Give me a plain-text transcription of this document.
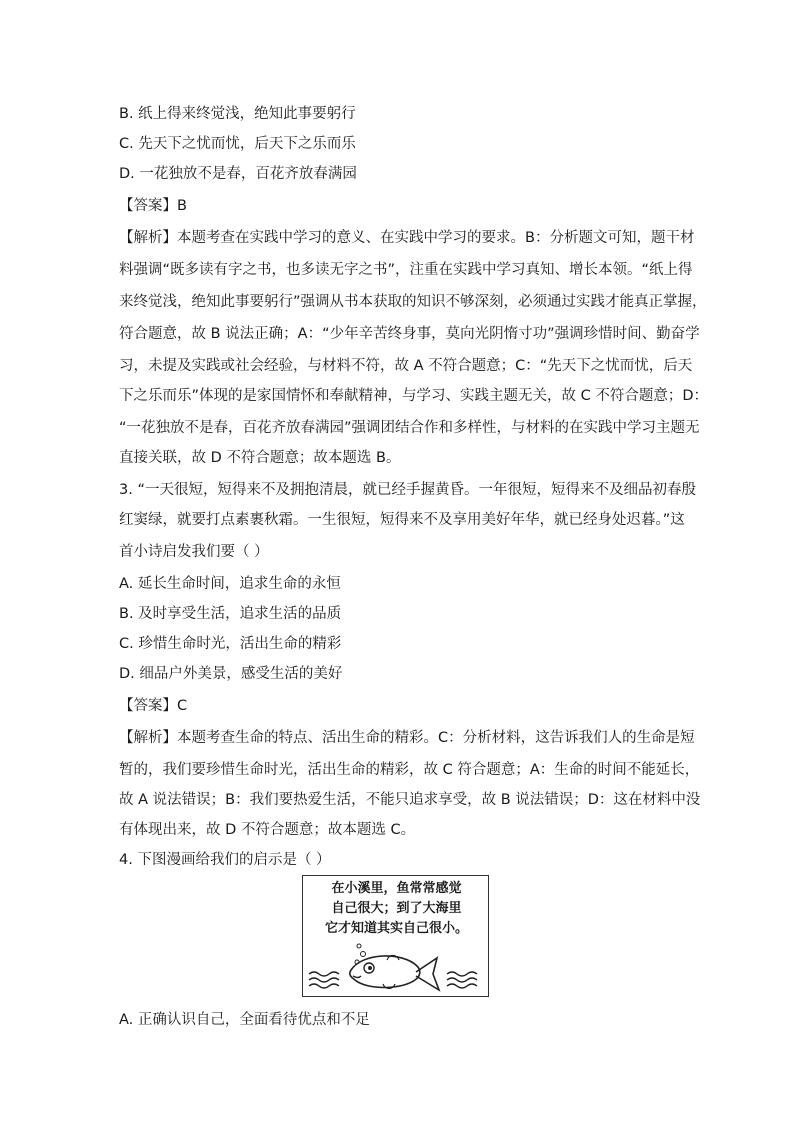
B. 纸上得来终觉浅，绝知此事要躬行
C. 先天下之忧而忧，后天下之乐而乐
D. 一花独放不是春，百花齐放春满园
【答案】B
【解析】本题考查在实践中学习的意义、在实践中学习的要求。B：分析题文可知，题干材
料强调“既多读有字之书，也多读无字之书”，注重在实践中学习真知、增长本领。“纸上得
来终觉浅，绝知此事要躬行”强调从书本获取的知识不够深刻，必须通过实践才能真正掌握，
符合题意，故 B 说法正确；A：“少年辛苦终身事，莫向光阴惰寸功”强调珍惜时间、勤奋学
习，未提及实践或社会经验，与材料不符，故 A 不符合题意；C：“先天下之忧而忧，后天
下之乐而乐”体现的是家国情怀和奉献精神，与学习、实践主题无关，故 C 不符合题意；D：
“一花独放不是春，百花齐放春满园”强调团结合作和多样性，与材料的在实践中学习主题无
直接关联，故 D 不符合题意；故本题选 B。
3. “一天很短，短得来不及拥抱清晨，就已经手握黄昏。一年很短，短得来不及细品初春殷
红窦绿，就要打点素裹秋霜。一生很短，短得来不及享用美好年华，就已经身处迟暮。”这
首小诗启发我们要（ ）
A. 延长生命时间，追求生命的永恒
B. 及时享受生活，追求生活的品质
C. 珍惜生命时光，活出生命的精彩
D. 细品户外美景，感受生活的美好
【答案】C
【解析】本题考查生命的特点、活出生命的精彩。C：分析材料，这告诉我们人的生命是短
暂的，我们要珍惜生命时光，活出生命的精彩，故 C 符合题意；A：生命的时间不能延长，
故 A 说法错误；B：我们要热爱生活，不能只追求享受，故 B 说法错误；D：这在材料中没
有体现出来，故 D 不符合题意；故本题选 C。
4. 下图漫画给我们的启示是（ ）
在小溪里，鱼常常感觉
自己很大；到了大海里
它才知道其实自己很小。
A. 正确认识自己，全面看待优点和不足
